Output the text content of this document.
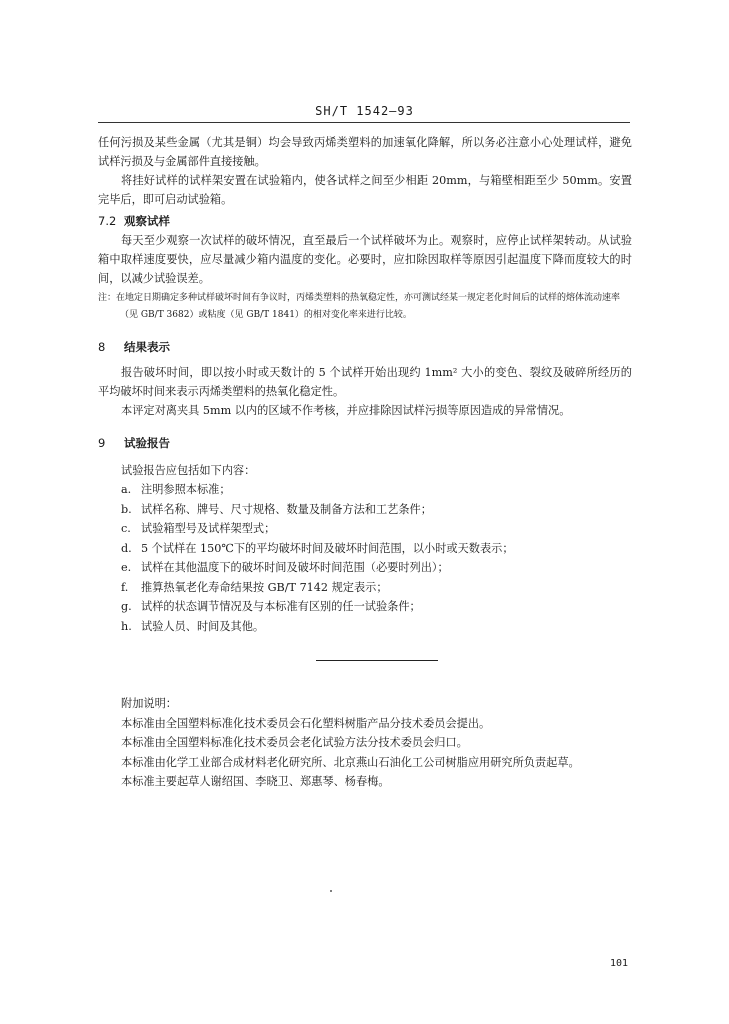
SH/T 1542—93

任何污损及某些金属（尤其是铜）均会导致丙烯类塑料的加速氧化降解，所以务必注意小心处理试样，避免试样污损及与金属部件直接接触。

将挂好试样的试样架安置在试验箱内，使各试样之间至少相距 20mm，与箱壁相距至少 50mm。安置完毕后，即可启动试验箱。

7.2 观察试样

每天至少观察一次试样的破坏情况，直至最后一个试样破坏为止。观察时，应停止试样架转动。从试验箱中取样速度要快，应尽量减少箱内温度的变化。必要时，应扣除因取样等原因引起温度下降而度较大的时间，以减少试验误差。

注：在地定日期确定多种试样破坏时间有争议时，丙烯类塑料的热氧稳定性，亦可测试经某一规定老化时间后的试样的熔体流动速率（见 GB/T 3682）或粘度（见 GB/T 1841）的相对变化率来进行比较。

8 结果表示

报告破坏时间，即以按小时或天数计的 5 个试样开始出现约 1mm² 大小的变色、裂纹及破碎所经历的平均破坏时间来表示丙烯类塑料的热氧化稳定性。

本评定对离夹具 5mm 以内的区域不作考核，并应排除因试样污损等原因造成的异常情况。

9 试验报告

试验报告应包括如下内容：

a. 注明参照本标准；
b. 试样名称、牌号、尺寸规格、数量及制备方法和工艺条件；
c. 试验箱型号及试样架型式；
d. 5 个试样在 150℃下的平均破坏时间及破坏时间范围，以小时或天数表示；
e. 试样在其他温度下的破坏时间及破坏时间范围（必要时列出）；
f. 推算热氧老化寿命结果按 GB/T 7142 规定表示；
g. 试样的状态调节情况及与本标准有区别的任一试验条件；
h. 试验人员、时间及其他。

附加说明：

本标准由全国塑料标准化技术委员会石化塑料树脂产品分技术委员会提出。

本标准由全国塑料标准化技术委员会老化试验方法分技术委员会归口。

本标准由化学工业部合成材料老化研究所、北京燕山石油化工公司树脂应用研究所负责起草。

本标准主要起草人谢绍国、李晓卫、郑惠琴、杨春梅。

101
